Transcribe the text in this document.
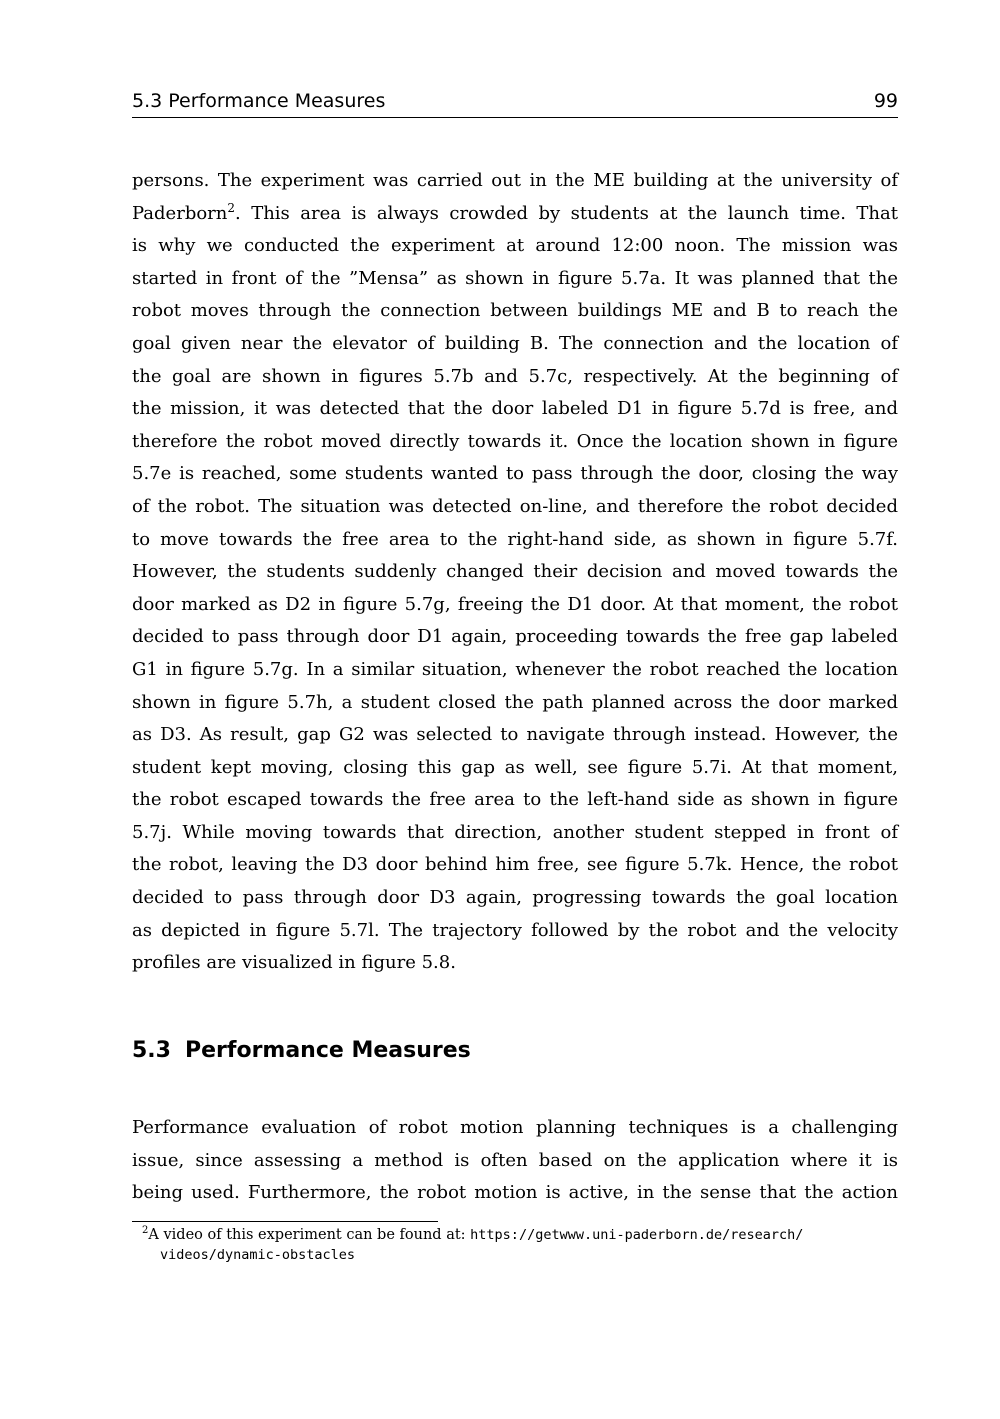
5.3 Performance Measures	99
persons. The experiment was carried out in the ME building at the university of
Paderborn$^2$. This area is always crowded by students at the launch time. That
is why we conducted the experiment at around 12:00 noon. The mission was
started in front of the ”Mensa” as shown in figure 5.7a. It was planned that the
robot moves through the connection between buildings ME and B to reach the
goal given near the elevator of building B. The connection and the location of
the goal are shown in figures 5.7b and 5.7c, respectively. At the beginning of
the mission, it was detected that the door labeled D1 in figure 5.7d is free, and
therefore the robot moved directly towards it. Once the location shown in figure
5.7e is reached, some students wanted to pass through the door, closing the way
of the robot. The situation was detected on-line, and therefore the robot decided
to move towards the free area to the right-hand side, as shown in figure 5.7f.
However, the students suddenly changed their decision and moved towards the
door marked as D2 in figure 5.7g, freeing the D1 door. At that moment, the robot
decided to pass through door D1 again, proceeding towards the free gap labeled
G1 in figure 5.7g. In a similar situation, whenever the robot reached the location
shown in figure 5.7h, a student closed the path planned across the door marked
as D3. As result, gap G2 was selected to navigate through instead. However, the
student kept moving, closing this gap as well, see figure 5.7i. At that moment,
the robot escaped towards the free area to the left-hand side as shown in figure
5.7j. While moving towards that direction, another student stepped in front of
the robot, leaving the D3 door behind him free, see figure 5.7k. Hence, the robot
decided to pass through door D3 again, progressing towards the goal location
as depicted in figure 5.7l. The trajectory followed by the robot and the velocity
profiles are visualized in figure 5.8.
5.3 Performance Measures
Performance evaluation of robot motion planning techniques is a challenging
issue, since assessing a method is often based on the application where it is
being used. Furthermore, the robot motion is active, in the sense that the action
$^2$A video of this experiment can be found at: https://getwww.uni-paderborn.de/research/
videos/dynamic-obstacles
